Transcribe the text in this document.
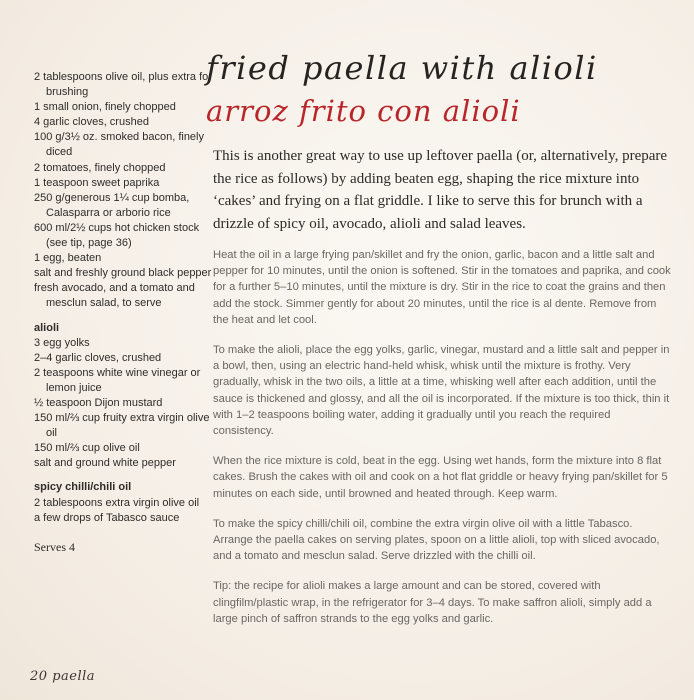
2 tablespoons olive oil, plus extra for brushing

1 small onion, finely chopped

4 garlic cloves, crushed

100 g/3½ oz. smoked bacon, finely diced

2 tomatoes, finely chopped

1 teaspoon sweet paprika

250 g/generous 1¼ cup bomba, Calasparra or arborio rice

600 ml/2½ cups hot chicken stock (see tip, page 36)

1 egg, beaten

salt and freshly ground black pepper

fresh avocado, and a tomato and mesclun salad, to serve

alioli

3 egg yolks

2–4 garlic cloves, crushed

2 teaspoons white wine vinegar or lemon juice

½ teaspoon Dijon mustard

150 ml/⅔ cup fruity extra virgin olive oil

150 ml/⅔ cup olive oil

salt and ground white pepper

spicy chilli/chili oil

2 tablespoons extra virgin olive oil

a few drops of Tabasco sauce

Serves 4

fried paella with alioli
arroz frito con alioli

This is another great way to use up leftover paella (or, alternatively, prepare the rice as follows) by adding beaten egg, shaping the rice mixture into ‘cakes’ and frying on a flat griddle. I like to serve this for brunch with a drizzle of spicy oil, avocado, alioli and salad leaves.

Heat the oil in a large frying pan/skillet and fry the onion, garlic, bacon and a little salt and pepper for 10 minutes, until the onion is softened. Stir in the tomatoes and paprika, and cook for a further 5–10 minutes, until the mixture is dry. Stir in the rice to coat the grains and then add the stock. Simmer gently for about 20 minutes, until the rice is al dente. Remove from the heat and let cool.

To make the alioli, place the egg yolks, garlic, vinegar, mustard and a little salt and pepper in a bowl, then, using an electric hand-held whisk, whisk until the mixture is frothy. Very gradually, whisk in the two oils, a little at a time, whisking well after each addition, until the sauce is thickened and glossy, and all the oil is incorporated. If the mixture is too thick, thin it with 1–2 teaspoons boiling water, adding it gradually until you reach the required consistency.

When the rice mixture is cold, beat in the egg. Using wet hands, form the mixture into 8 flat cakes. Brush the cakes with oil and cook on a hot flat griddle or heavy frying pan/skillet for 5 minutes on each side, until browned and heated through. Keep warm.

To make the spicy chilli/chili oil, combine the extra virgin olive oil with a little Tabasco. Arrange the paella cakes on serving plates, spoon on a little alioli, top with sliced avocado, and a tomato and mesclun salad. Serve drizzled with the chilli oil.

Tip: the recipe for alioli makes a large amount and can be stored, covered with clingfilm/plastic wrap, in the refrigerator for 3–4 days. To make saffron alioli, simply add a large pinch of saffron strands to the egg yolks and garlic.

20 paella
